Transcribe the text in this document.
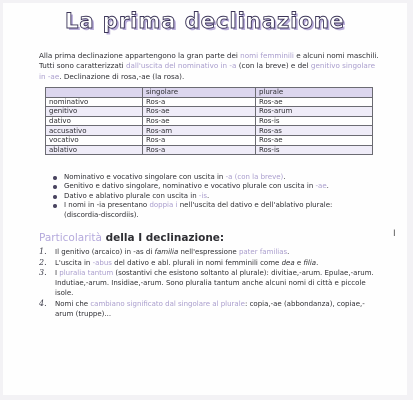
La prima declinazione
Alla prima declinazione appartengono la gran parte dei nomi femminili e alcuni nomi maschili. Tutti sono caratterizzati dall'uscita del nominativo in -a (con la breve) e del genitivo singolare in -ae. Declinazione di rosa,-ae (la rosa).
	singolare	plurale
nominativo	Ros-a	Ros-ae
genitivo	Ros-ae	Ros-arum
dativo	Ros-ae	Ros-is
accusativo	Ros-am	Ros-as
vocativo	Ros-a	Ros-ae
ablativo	Ros-a	Ros-is
Nominativo e vocativo singolare con uscita in -a (con la breve).
Genitivo e dativo singolare, nominativo e vocativo plurale con uscita in -ae.
Dativo e ablativo plurale con uscita in -is.
I nomi in -ia presentano doppia i nell'uscita del dativo e dell'ablativo plurale: (discordia-discordiis).
Particolarità della I declinazione:	I
1. Il genitivo (arcaico) in -as di familia nell'espressione pater familias.
2. L'uscita in -abus del dativo e abl. plurali in nomi femminili come dea e filia.
3. I pluralia tantum (sostantivi che esistono soltanto al plurale): divitiae,-arum. Epulae,-arum. Indutiae,-arum. Insidiae,-arum. Sono pluralia tantum anche alcuni nomi di città e piccole isole.
4. Nomi che cambiano significato dal singolare al plurale: copia,-ae (abbondanza), copiae,-arum (truppe)...
